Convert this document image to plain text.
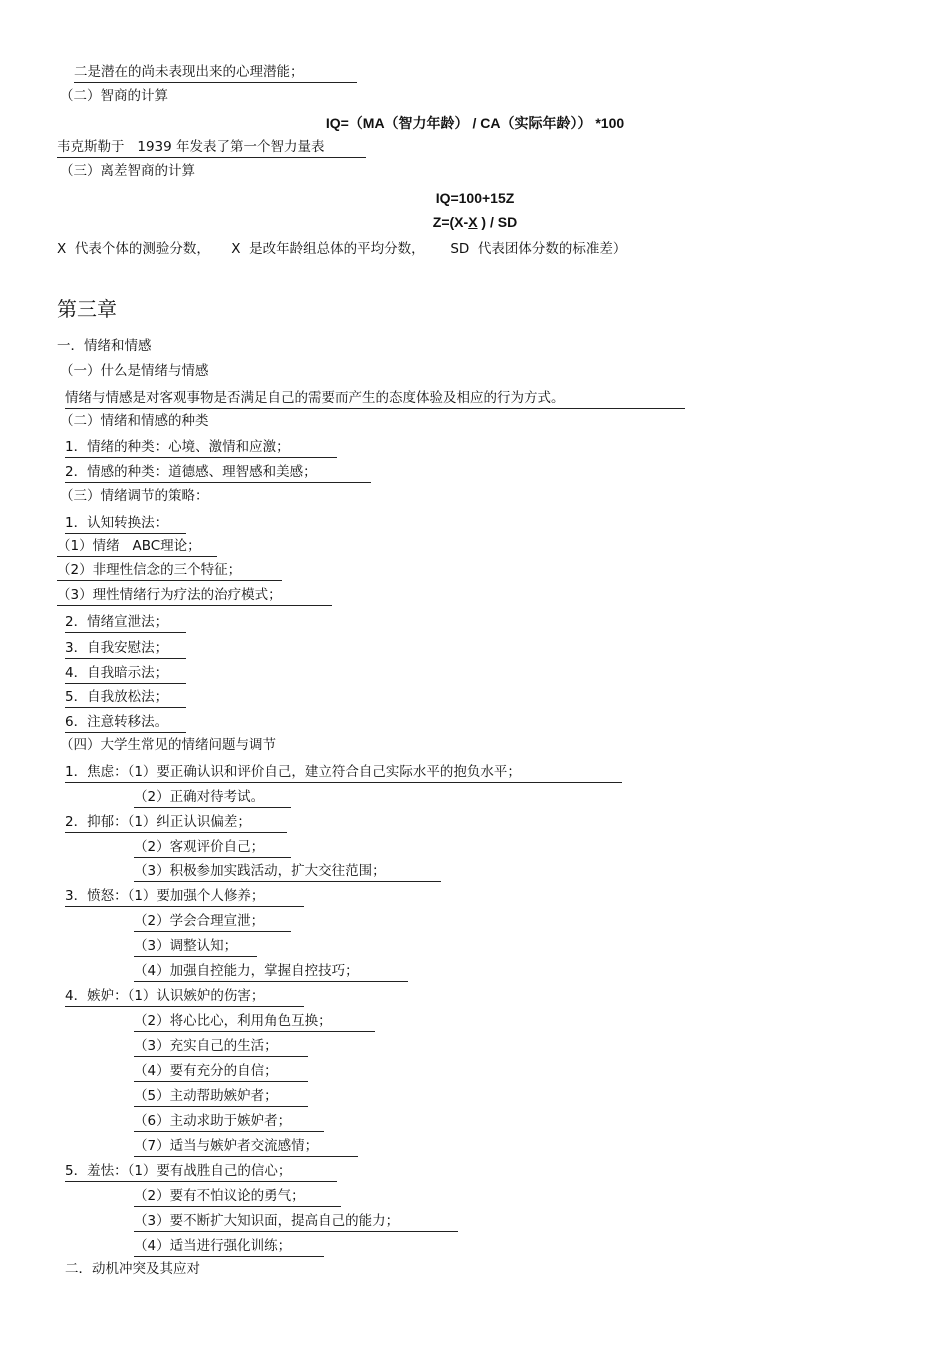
二是潜在的尚未表现出来的心理潜能；
（二）智商的计算
IQ=（MA（智力年龄） / CA（实际年龄）） *100
韦克斯勒于   1939 年发表了第一个智力量表
（三）离差智商的计算
IQ=100+15Z
Z=(X-X ) / SD
X  代表个体的测验分数，     X  是改年龄组总体的平均分数，      SD  代表团体分数的标准差）
第三章
一．情绪和情感
（一）什么是情绪与情感
情绪与情感是对客观事物是否满足自己的需要而产生的态度体验及相应的行为方式。
（二）情绪和情感的种类
1．情绪的种类：心境、激情和应激；
2．情感的种类：道德感、理智感和美感；
（三）情绪调节的策略：
1．认知转换法：
（1）情绪   ABC理论；
（2）非理性信念的三个特征；
（3）理性情绪行为疗法的治疗模式；
2．情绪宣泄法；
3．自我安慰法；
4．自我暗示法；
5．自我放松法；
6．注意转移法。
（四）大学生常见的情绪问题与调节
1．焦虑：（1）要正确认识和评价自己，建立符合自己实际水平的抱负水平；
（2）正确对待考试。
2．抑郁：（1）纠正认识偏差；
（2）客观评价自己；
（3）积极参加实践活动，扩大交往范围；
3．愤怒：（1）要加强个人修养；
（2）学会合理宣泄；
（3）调整认知；
（4）加强自控能力，掌握自控技巧；
4．嫉妒：（1）认识嫉妒的伤害；
（2）将心比心，利用角色互换；
（3）充实自己的生活；
（4）要有充分的自信；
（5）主动帮助嫉妒者；
（6）主动求助于嫉妒者；
（7）适当与嫉妒者交流感情；
5．羞怯：（1）要有战胜自己的信心；
（2）要有不怕议论的勇气；
（3）要不断扩大知识面，提高自己的能力；
（4）适当进行强化训练；
二．动机冲突及其应对
